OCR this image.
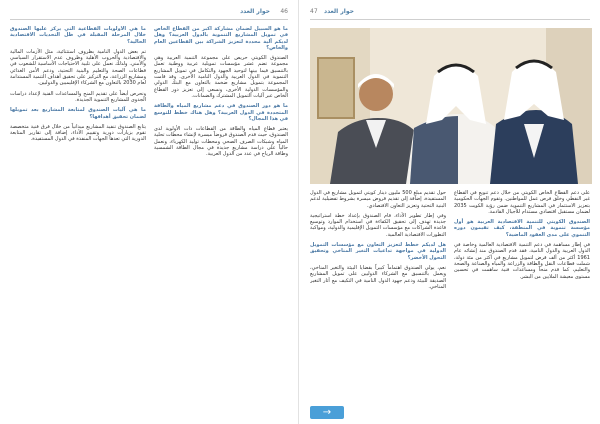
حوار العدد 46

ما هو السبيل لضمان مشاركة أكبر من القطاع الخاص في تمويل المشاريع التنموية بالدول العربية؟ وهل لديكم آلية محددة لتعزيز الشراكة بين القطاعين العام والخاص؟

الصندوق الكويتي حريص على مجموعة التنمية العربية وهي مجموعة تضم عشر مؤسسات تمويلية عربية ووطنية تعمل بالتنسيق فيما بينها لتوحيد الجهود والتكامل في تمويل المشاريع التنموية في الدول العربية والدول النامية الأخرى. وقد قامت المجموعة بتمويل مشاريع ضخمة بالتعاون مع البنك الدولي والمؤسسات الدولية الأخرى، ونسعى إلى تعزيز دور القطاع الخاص عبر آليات التمويل المشترك والضمانات.

ما هو دور الصندوق في دعم مشاريع المياه والطاقة المتجددة في الدول العربية؟ وهل هناك خطط للتوسع في هذا المجال؟

يعتبر قطاع المياه والطاقة من القطاعات ذات الأولوية لدى الصندوق، حيث قدم الصندوق قروضاً ميسرة لإنشاء محطات تحلية المياه وشبكات الصرف الصحي ومحطات توليد الكهرباء، ونعمل حالياً على دراسة مشاريع جديدة في مجال الطاقة الشمسية وطاقة الرياح في عدد من الدول العربية.

ما هي الأولويات القطاعية التي يركز عليها الصندوق خلال المرحلة المقبلة في ظل التحديات الاقتصادية الحالية؟

تم بعض الدول النامية بظروف استثنائية، مثل الأزمات المالية والاقتصادية والحروب الأهلية وظروف عدم الاستقرار السياسي والأمني. ولذلك نعمل على تلبية الاحتياجات الأساسية للشعوب في قطاعات الصحة والتعليم والبنية التحتية، ودعم الأمن الغذائي ومشاريع الزراعة، مع التركيز على تحقيق أهداف التنمية المستدامة لعام 2030 بالتعاون مع الشركاء الإقليميين والدوليين.

ونحرص أيضاً على تقديم المنح والمساعدات الفنية لإعداد دراسات الجدوى للمشاريع التنموية الجديدة.

ما هي آليات الصندوق لمتابعة المشاريع بعد تمويلها لضمان تحقيق أهدافها؟

يتابع الصندوق تنفيذ المشاريع ميدانياً من خلال فرق فنية متخصصة تقوم بزيارات دورية وتقييم الأداء، إضافة إلى تقارير المتابعة الدورية التي تعدها الجهات المنفذة في الدول المستفيدة.

47 حوار العدد

على دعم القطاع الخاص الكويتي من خلال دعم تنويع في القطاع غير النفطي وخلق فرص عمل للمواطنين. وتقوم الجهات الحكومية بتعزيز الاستثمار في المشاريع التنموية ضمن رؤية الكويت 2035 لضمان مستقبل اقتصادي مستدام للأجيال القادمة.

الصندوق الكويتي للتنمية الاقتصادية العربية هو أول مؤسسة تنموية في المنطقة، كيف تقيمون دوره التنموي على مدى العقود الماضية؟

في إطار مساهمة في دعم التنمية الاقتصادية العالمية وخاصة في الدول العربية والدول النامية، فقد قدم الصندوق منذ إنشائه عام 1961 أكثر من ألف قرض لتمويل مشاريع في أكثر من مئة دولة، شملت قطاعات النقل والطاقة والزراعة والمياه والصناعة والصحة والتعليم، كما قدم منحاً ومساعدات فنية ساهمت في تحسين مستوى معيشة الملايين من البشر.

حول تقديم مبلغ 500 مليون دينار كويتي لتمويل مشاريع في الدول المستفيدة، إضافة إلى تقديم قروض ميسرة بشروط تفضيلية لدعم البنية التحتية وتعزيز التعاون الاقتصادي.

وفي إطار تطوير الأداء، قام الصندوق بإعداد خطة استراتيجية جديدة تهدف إلى تحقيق الكفاءة في استخدام الموارد وتوسيع قاعدة الشراكات مع مؤسسات التمويل الإقليمية والدولية، ومواكبة التطورات الاقتصادية العالمية.

هل لديكم خطط لتعزيز التعاون مع مؤسسات التمويل الدولية في مواجهة تداعيات التغير المناخي وتحقيق التحول الأخضر؟

نعم، يولي الصندوق اهتماماً كبيراً بقضايا البيئة والتغير المناخي، ويعمل بالتنسيق مع الشركاء الدوليين على تمويل المشاريع الصديقة للبيئة ودعم جهود الدول النامية في التكيف مع آثار التغير المناخي.

→
